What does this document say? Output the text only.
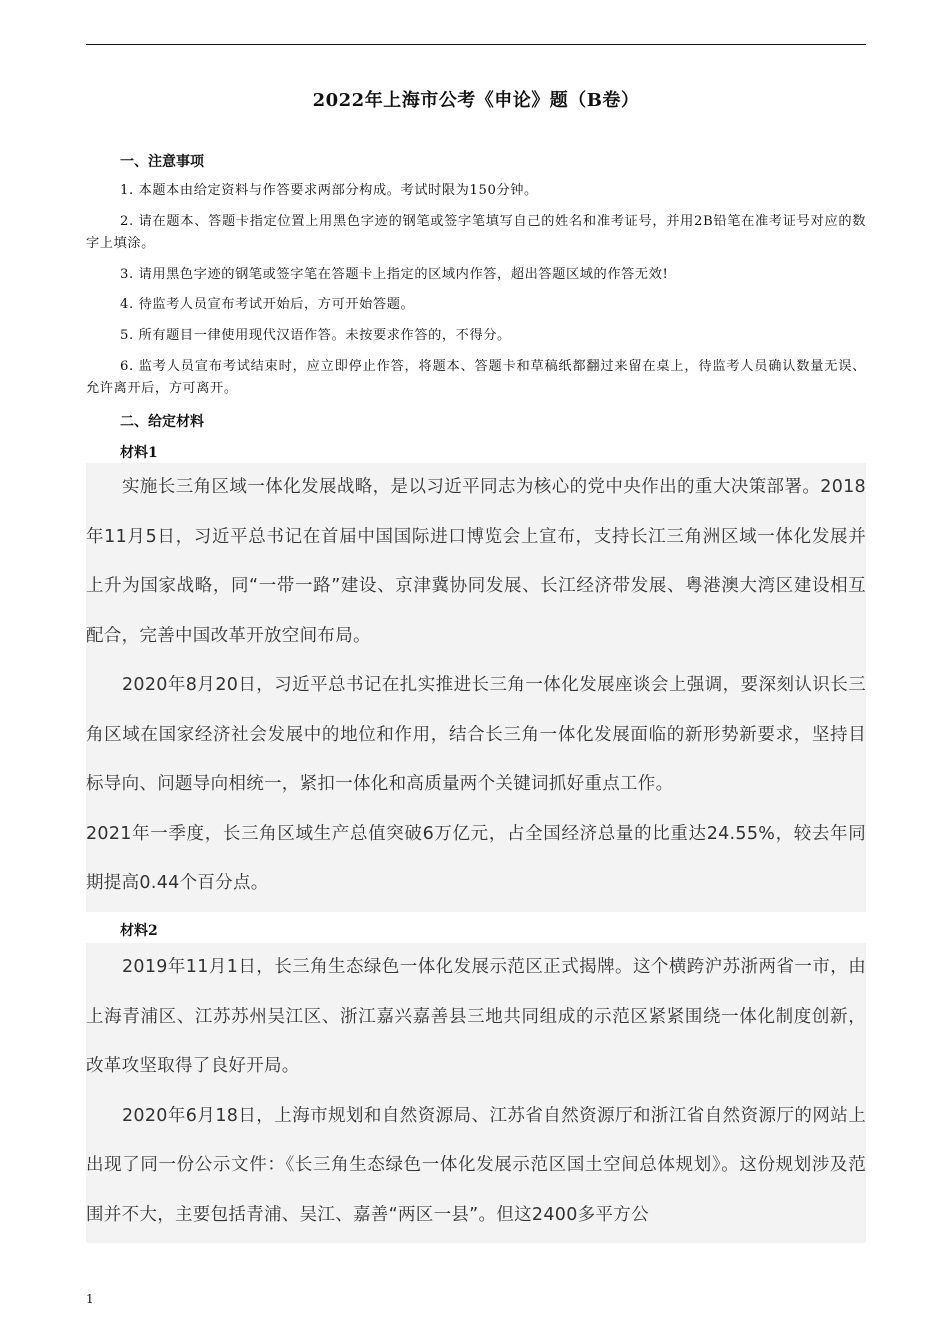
2022年上海市公考《申论》题（B卷）
一、注意事项
1. 本题本由给定资料与作答要求两部分构成。考试时限为150分钟。
2. 请在题本、答题卡指定位置上用黑色字迹的钢笔或签字笔填写自己的姓名和准考证号，并用2B铅笔在准考证号对应的数字上填涂。
3. 请用黑色字迹的钢笔或签字笔在答题卡上指定的区域内作答，超出答题区域的作答无效!
4. 待监考人员宣布考试开始后，方可开始答题。
5. 所有题目一律使用现代汉语作答。未按要求作答的，不得分。
6. 监考人员宣布考试结束时，应立即停止作答，将题本、答题卡和草稿纸都翻过来留在桌上，待监考人员确认数量无误、允许离开后，方可离开。
二、给定材料
材料1

实施长三角区域一体化发展战略，是以习近平同志为核心的党中央作出的重大决策部署。2018年11月5日，习近平总书记在首届中国国际进口博览会上宣布，支持长江三角洲区域一体化发展并上升为国家战略，同“一带一路”建设、京津冀协同发展、长江经济带发展、粤港澳大湾区建设相互配合，完善中国改革开放空间布局。

2020年8月20日，习近平总书记在扎实推进长三角一体化发展座谈会上强调，要深刻认识长三角区域在国家经济社会发展中的地位和作用，结合长三角一体化发展面临的新形势新要求，坚持目标导向、问题导向相统一，紧扣一体化和高质量两个关键词抓好重点工作。

2021年一季度，长三角区域生产总值突破6万亿元，占全国经济总量的比重达24.55%，较去年同期提高0.44个百分点。

材料2

2019年11月1日，长三角生态绿色一体化发展示范区正式揭牌。这个横跨沪苏浙两省一市，由上海青浦区、江苏苏州吴江区、浙江嘉兴嘉善县三地共同组成的示范区紧紧围绕一体化制度创新，改革攻坚取得了良好开局。

2020年6月18日，上海市规划和自然资源局、江苏省自然资源厅和浙江省自然资源厅的网站上出现了同一份公示文件：《长三角生态绿色一体化发展示范区国土空间总体规划》。这份规划涉及范围并不大，主要包括青浦、吴江、嘉善“两区一县”。但这2400多平方公

1
